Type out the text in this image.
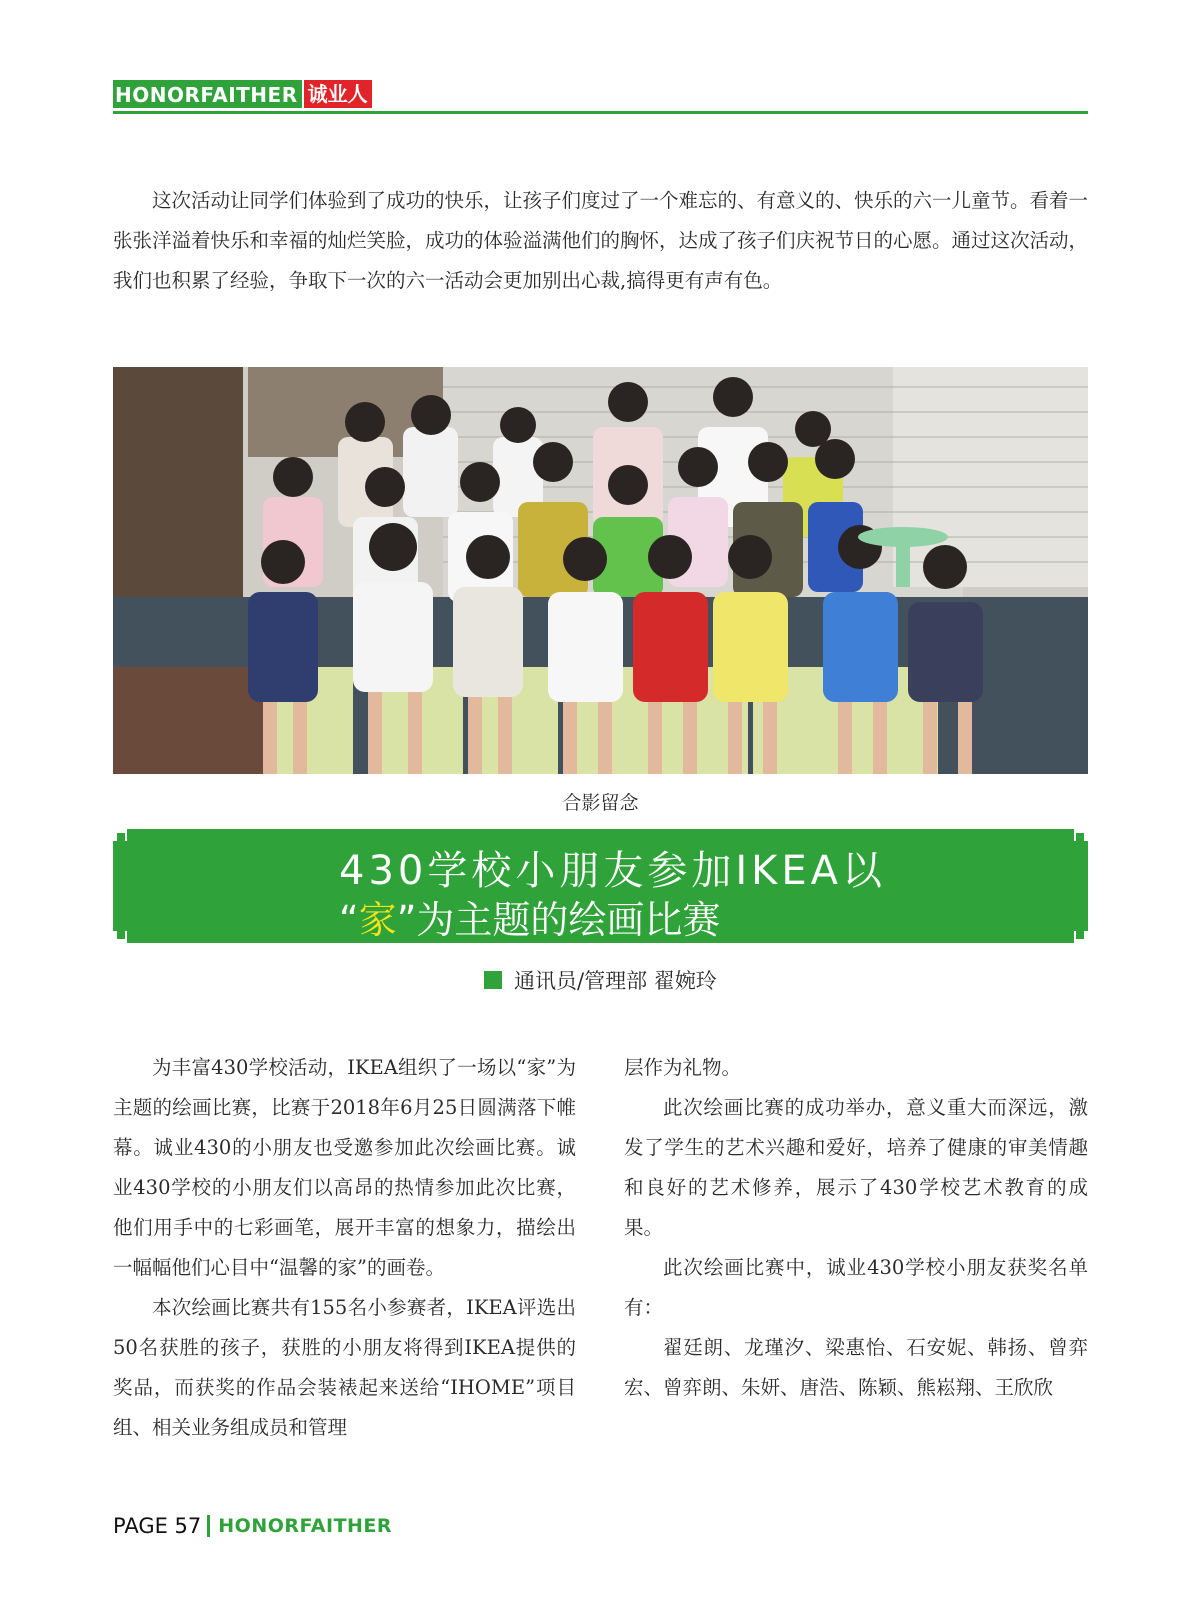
HONORFAITHER 诚业人

这次活动让同学们体验到了成功的快乐，让孩子们度过了一个难忘的、有意义的、快乐的六一儿童节。看着一张张洋溢着快乐和幸福的灿烂笑脸，成功的体验溢满他们的胸怀，达成了孩子们庆祝节日的心愿。通过这次活动，我们也积累了经验，争取下一次的六一活动会更加别出心裁,搞得更有声有色。

合影留念
430学校小朋友参加IKEA以
“家”为主题的绘画比赛
通讯员/管理部 翟婉玲

为丰富430学校活动，IKEA组织了一场以“家”为主题的绘画比赛，比赛于2018年6月25日圆满落下帷幕。诚业430的小朋友也受邀参加此次绘画比赛。诚业430学校的小朋友们以高昂的热情参加此次比赛，他们用手中的七彩画笔，展开丰富的想象力，描绘出一幅幅他们心目中“温馨的家”的画卷。

本次绘画比赛共有155名小参赛者，IKEA评选出50名获胜的孩子，获胜的小朋友将得到IKEA提供的奖品，而获奖的作品会装裱起来送给“IHOME”项目组、相关业务组成员和管理

层作为礼物。

此次绘画比赛的成功举办，意义重大而深远，激发了学生的艺术兴趣和爱好，培养了健康的审美情趣和良好的艺术修养，展示了430学校艺术教育的成果。

此次绘画比赛中，诚业430学校小朋友获奖名单有：

翟廷朗、龙瑾汐、梁惠怡、石安妮、韩扬、曾弈宏、曾弈朗、朱妍、唐浩、陈颖、熊崧翔、王欣欣

PAGE 57 HONORFAITHER
